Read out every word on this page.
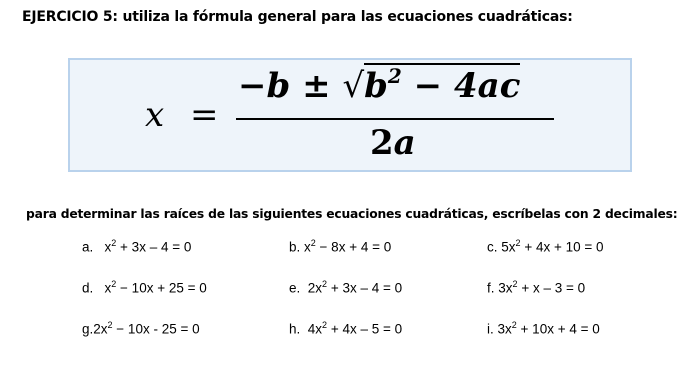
EJERCICIO 5: utiliza la fórmula general para las ecuaciones cuadráticas:
x =
$-b \pm √b^2 - 4ac$
2a
para determinar las raíces de las siguientes ecuaciones cuadráticas, escríbelas con 2 decimales:
a. $x^2 + 3x - 4 = 0$	b. $x^2 - 8x + 4 = 0$	c. $5x^2 + 4x + 10 = 0$
d. $x^2 - 10x + 25 = 0$	e. $2x^2 + 3x - 4 = 0$	f. $3x^2 + x - 3 = 0$
$g.2x^2 - 10x - 25 = 0$	h. $4x^2 + 4x - 5 = 0$	i. $3x^2 + 10x + 4 = 0$
